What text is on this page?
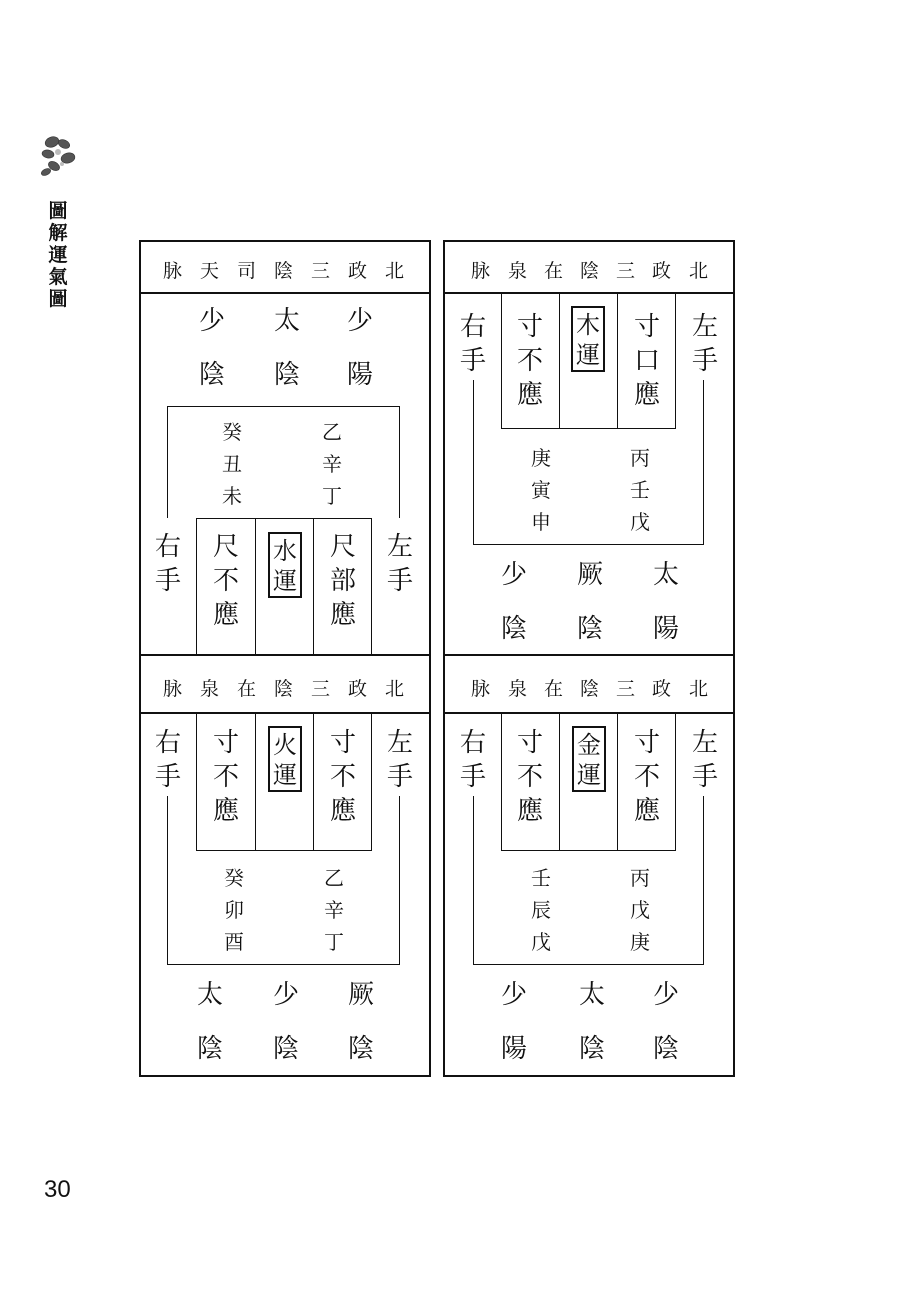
圖
解
運
氣
圖
脉 天 司 陰 三 政 北
少
陰
太
陰
少
陽
癸
丑
未
乙
辛
丁
右
手
尺
不
應
水
運
尺
部
應
左
手
脉 泉 在 陰 三 政 北
右
手
寸
不
應
木
運
寸
口
應
左
手
庚
寅
申
丙
壬
戊
少
陰
厥
陰
太
陽
脉 泉 在 陰 三 政 北
右
手
寸
不
應
火
運
寸
不
應
左
手
癸
卯
酉
乙
辛
丁
太
陰
少
陰
厥
陰
脉 泉 在 陰 三 政 北
右
手
寸
不
應
金
運
寸
不
應
左
手
壬
辰
戊
丙
戊
庚
少
陽
太
陰
少
陰
30
